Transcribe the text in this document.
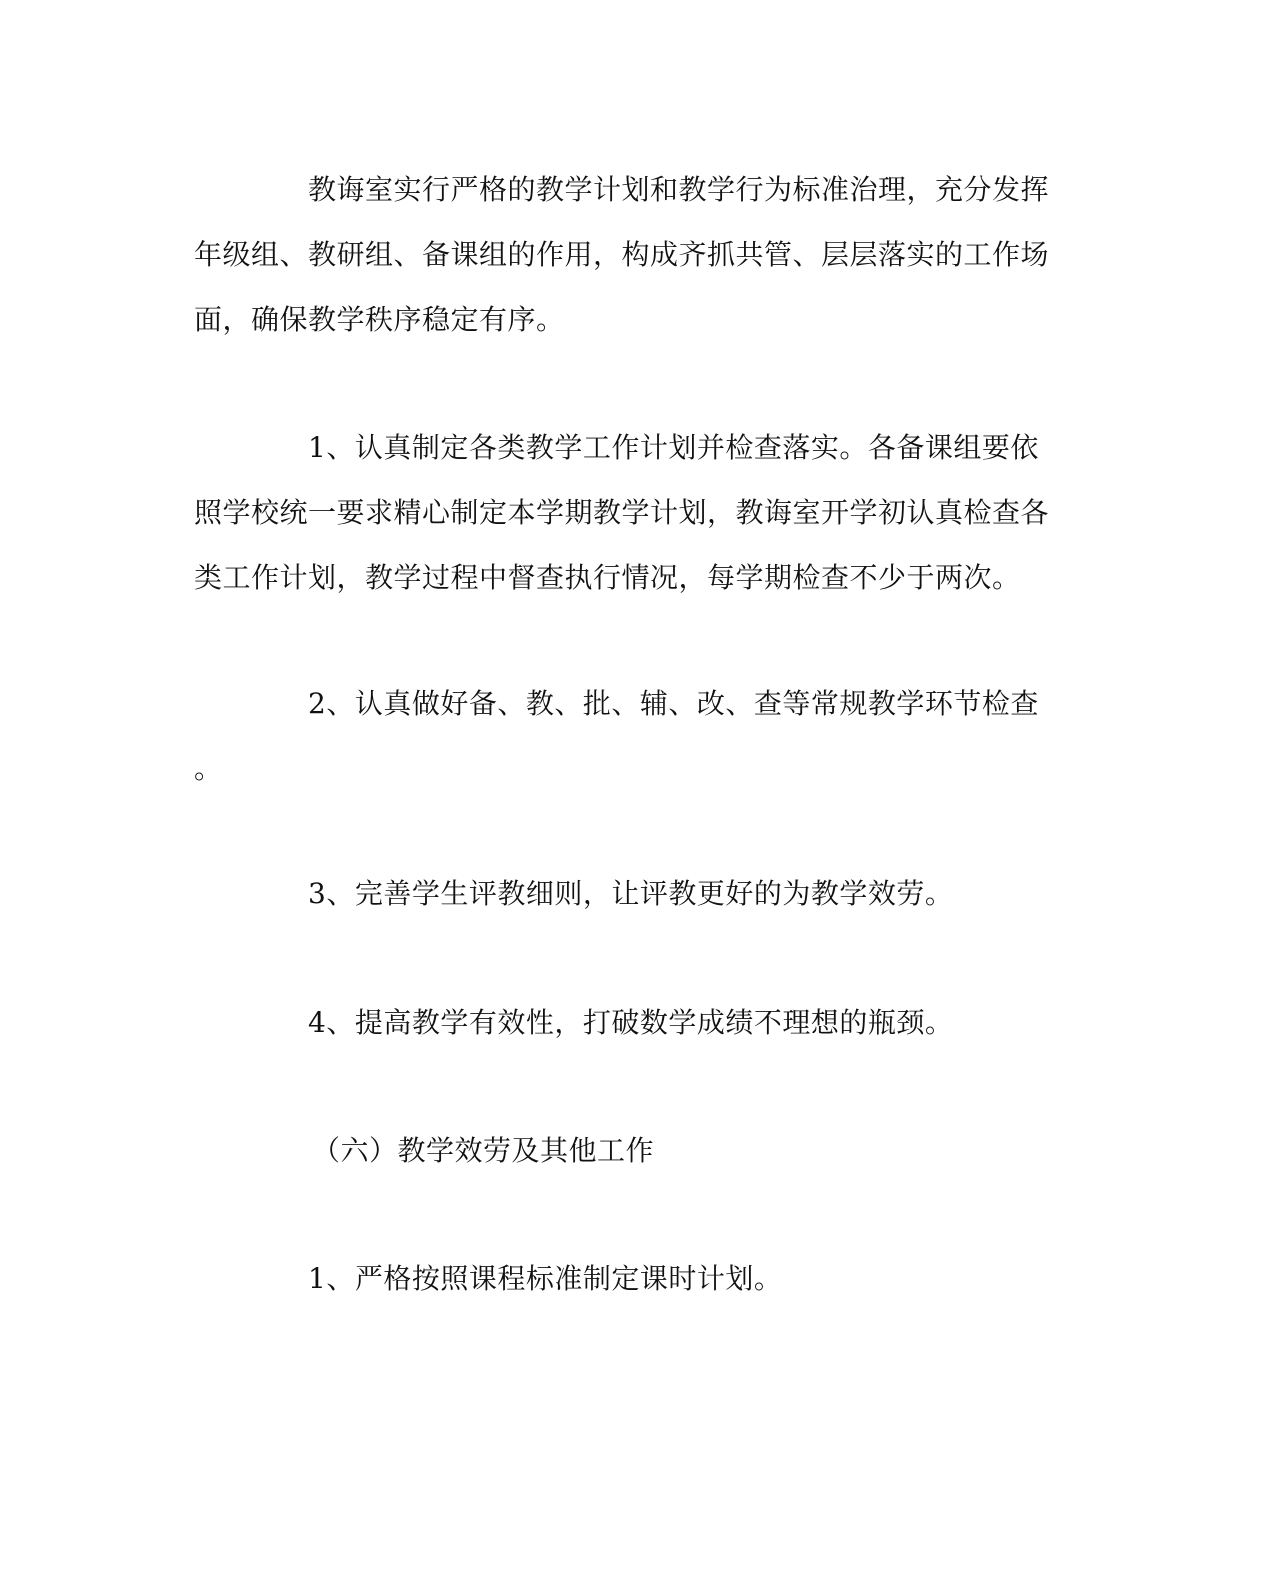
教诲室实行严格的教学计划和教学行为标准治理，充分发挥
年级组、教研组、备课组的作用，构成齐抓共管、层层落实的工作场
面，确保教学秩序稳定有序。
1、认真制定各类教学工作计划并检查落实。各备课组要依
照学校统一要求精心制定本学期教学计划，教诲室开学初认真检查各
类工作计划，教学过程中督查执行情况，每学期检查不少于两次。
2、认真做好备、教、批、辅、改、查等常规教学环节检查
。
3、完善学生评教细则，让评教更好的为教学效劳。
4、提高教学有效性，打破数学成绩不理想的瓶颈。
（六）教学效劳及其他工作
1、严格按照课程标准制定课时计划。
